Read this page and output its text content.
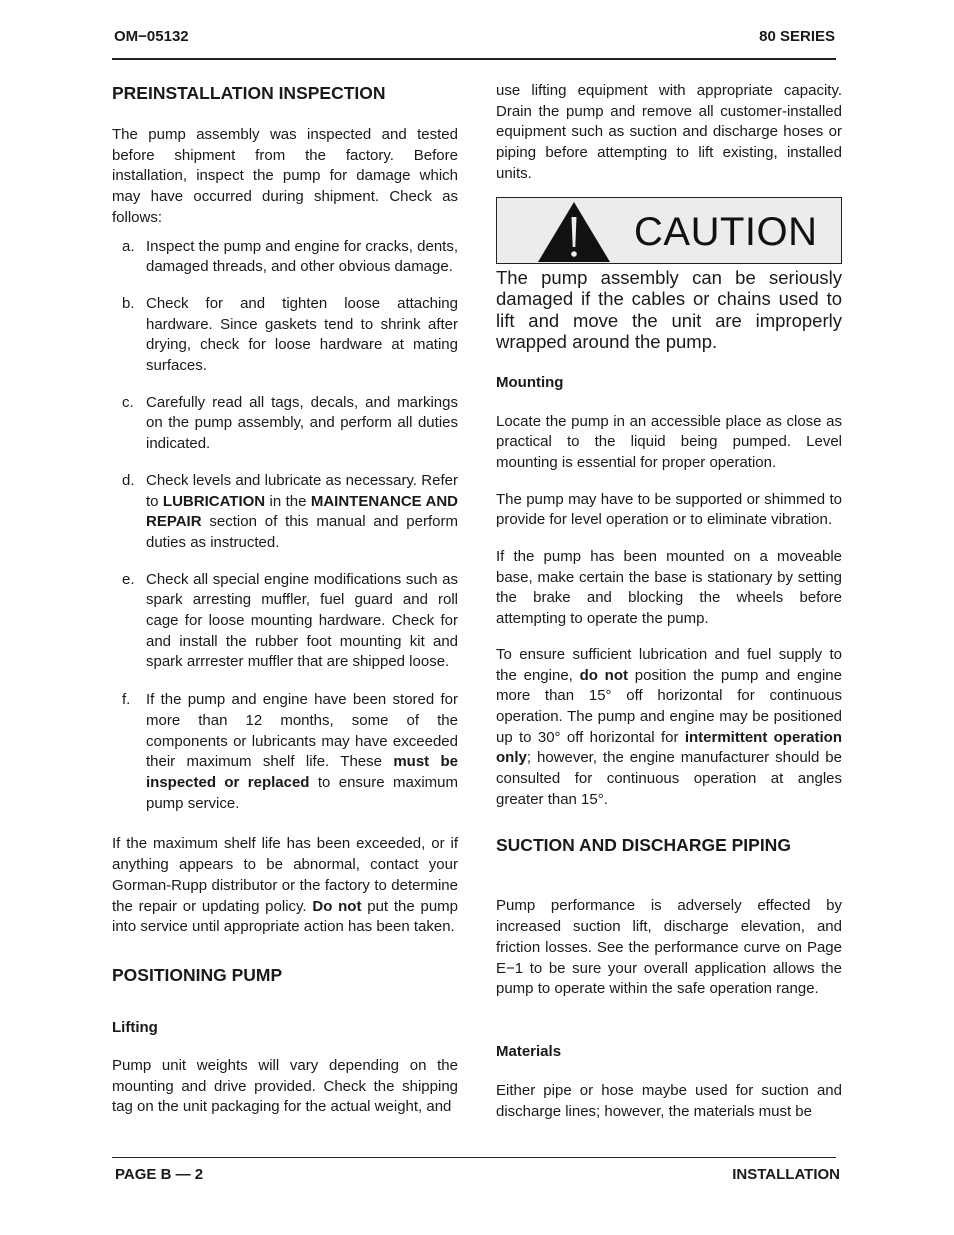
OM−05132	80 SERIES
PREINSTALLATION INSPECTION

The pump assembly was inspected and tested before shipment from the factory. Before installation, inspect the pump for damage which may have occurred during shipment. Check as follows:

a. Inspect the pump and engine for cracks, dents, damaged threads, and other obvious damage.
b. Check for and tighten loose attaching hardware. Since gaskets tend to shrink after drying, check for loose hardware at mating surfaces.
c. Carefully read all tags, decals, and markings on the pump assembly, and perform all duties indicated.
d. Check levels and lubricate as necessary. Refer to LUBRICATION in the MAINTENANCE AND REPAIR section of this manual and perform duties as instructed.
e. Check all special engine modifications such as spark arresting muffler, fuel guard and roll cage for loose mounting hardware. Check for and install the rubber foot mounting kit and spark arrrester muffler that are shipped loose.
f.	If the pump and engine have been stored for more than 12 months, some of the components or lubricants may have exceeded their maximum shelf life. These must be inspected or replaced to ensure maximum pump service.

If the maximum shelf life has been exceeded, or if anything appears to be abnormal, contact your Gorman-Rupp distributor or the factory to determine the repair or updating policy. Do not put the pump into service until appropriate action has been taken.

POSITIONING PUMP
Lifting

Pump unit weights will vary depending on the mounting and drive provided. Check the shipping tag on the unit packaging for the actual weight, and

use lifting equipment with appropriate capacity. Drain the pump and remove all customer-installed equipment such as suction and discharge hoses or piping before attempting to lift existing, installed units.

CAUTION

The pump assembly can be seriously damaged if the cables or chains used to lift and move the unit are improperly wrapped around the pump.

Mounting

Locate the pump in an accessible place as close as practical to the liquid being pumped. Level mounting is essential for proper operation.

The pump may have to be supported or shimmed to provide for level operation or to eliminate vibration.

If the pump has been mounted on a moveable base, make certain the base is stationary by setting the brake and blocking the wheels before attempting to operate the pump.

To ensure sufficient lubrication and fuel supply to the engine, do not position the pump and engine more than 15° off horizontal for continuous operation. The pump and engine may be positioned up to 30° off horizontal for intermittent operation only; however, the engine manufacturer should be consulted for continuous operation at angles greater than 15°.

SUCTION AND DISCHARGE PIPING

Pump performance is adversely effected by increased suction lift, discharge elevation, and friction losses. See the performance curve on Page E−1 to be sure your overall application allows the pump to operate within the safe operation range.

Materials

Either pipe or hose maybe used for suction and discharge lines; however, the materials must be

PAGE B — 2	INSTALLATION
